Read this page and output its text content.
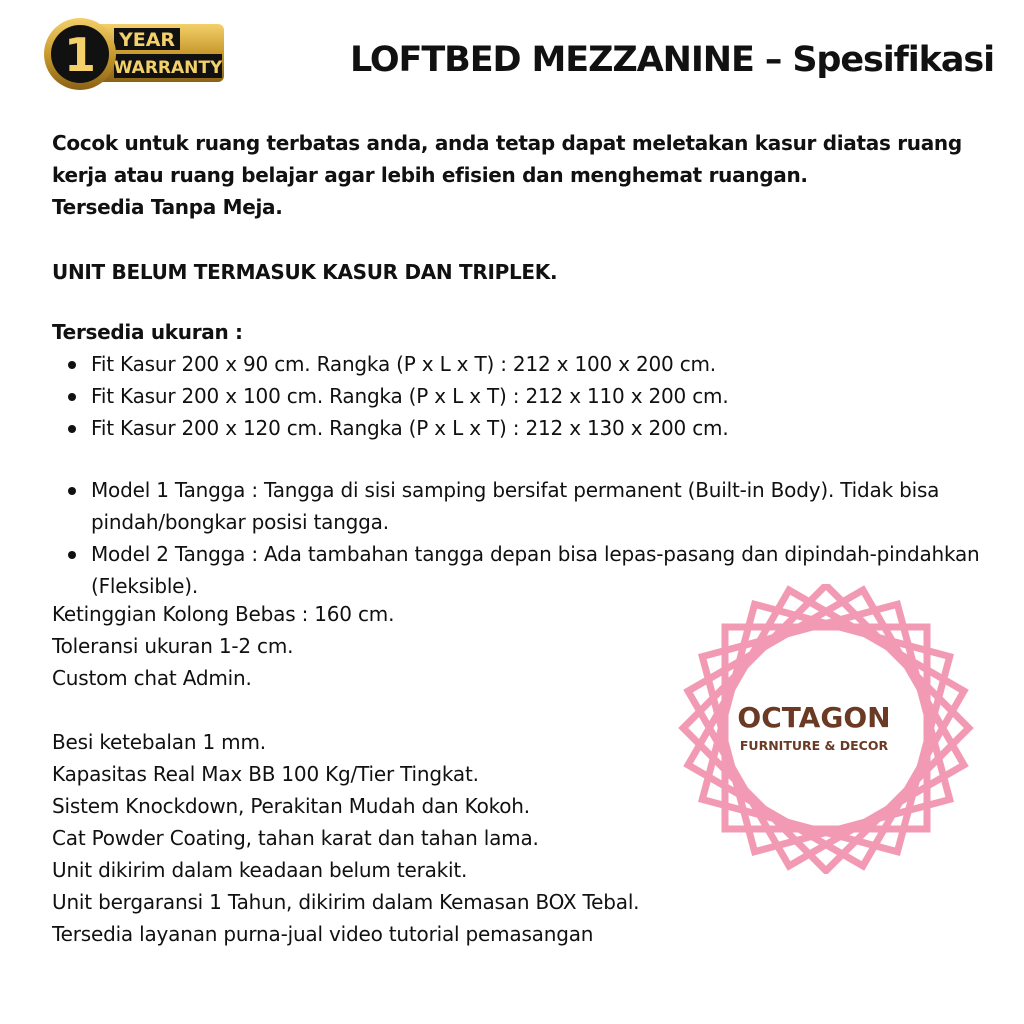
YEAR
WARRANTY
1	LOFTBED MEZZANINE – Spesifikasi

Cocok untuk ruang terbatas anda, anda tetap dapat meletakan kasur diatas ruang kerja atau ruang belajar agar lebih efisien dan menghemat ruangan.

Tersedia Tanpa Meja.

UNIT BELUM TERMASUK KASUR DAN TRIPLEK.

Tersedia ukuran :

Fit Kasur 200 x 90 cm. Rangka (P x L x T) : 212 x 100 x 200 cm.
Fit Kasur 200 x 100 cm. Rangka (P x L x T) : 212 x 110 x 200 cm.
Fit Kasur 200 x 120 cm. Rangka (P x L x T) : 212 x 130 x 200 cm.
Model 1 Tangga : Tangga di sisi samping bersifat permanent (Built-in Body). Tidak bisa pindah/bongkar posisi tangga.
Model 2 Tangga : Ada tambahan tangga depan bisa lepas-pasang dan dipindah-pindahkan (Fleksible).

Ketinggian Kolong Bebas : 160 cm.

Toleransi ukuran 1-2 cm.

Custom chat Admin.

Besi ketebalan 1 mm.

Kapasitas Real Max BB 100 Kg/Tier Tingkat.

Sistem Knockdown, Perakitan Mudah dan Kokoh.

Cat Powder Coating, tahan karat dan tahan lama.

Unit dikirim dalam keadaan belum terakit.

Unit bergaransi 1 Tahun, dikirim dalam Kemasan BOX Tebal.

Tersedia layanan purna-jual video tutorial pemasangan

OCTAGON
FURNITURE & DECOR
